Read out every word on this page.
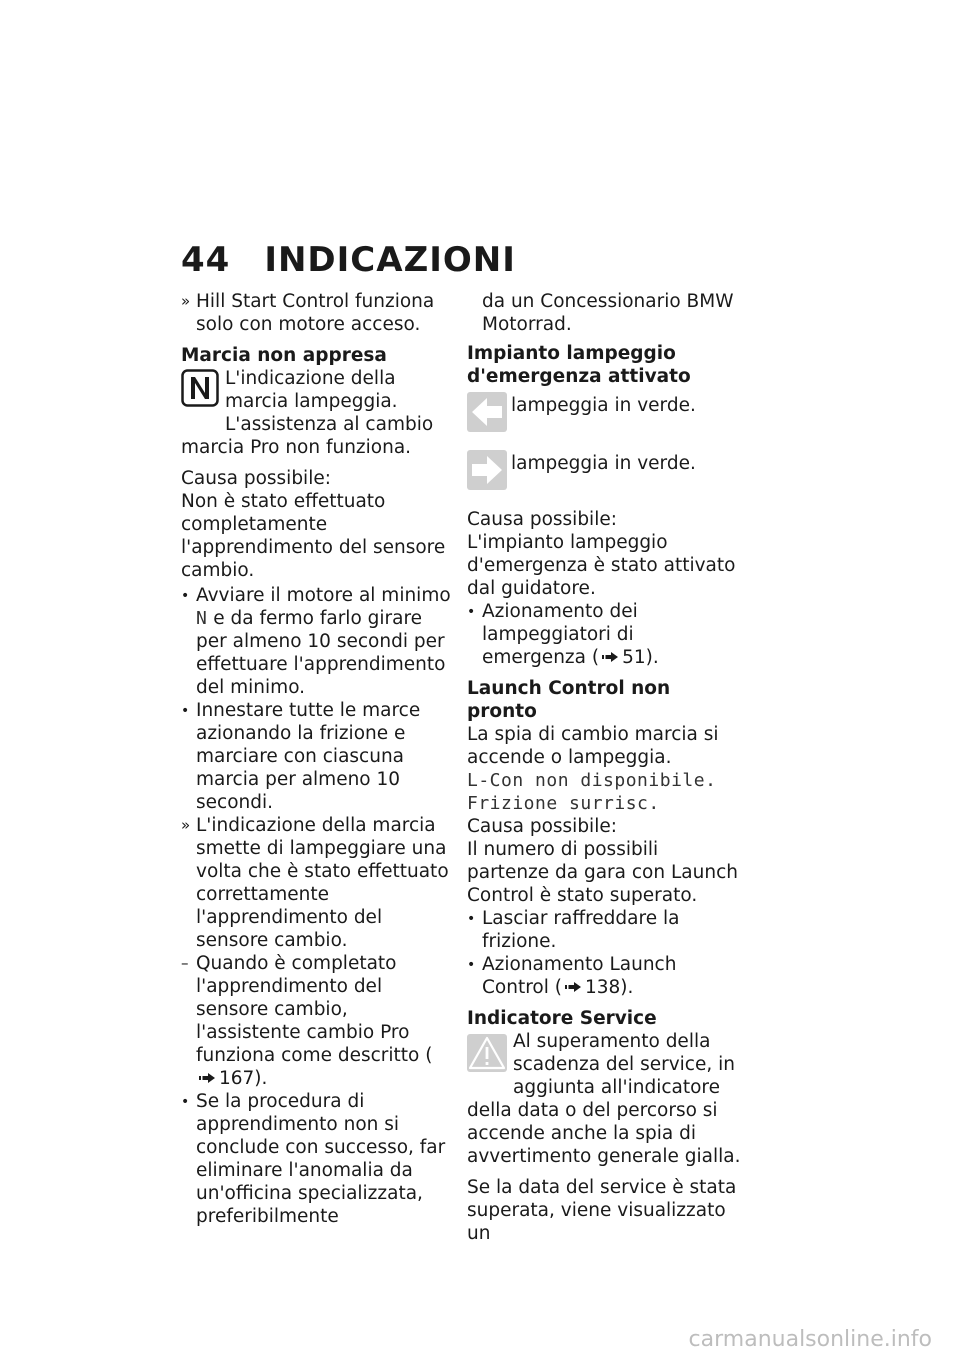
44 INDICAZIONI
» Hill Start Control funziona solo con motore acceso.
Marcia non appresa
L'indicazione della marcia lampeggia. L'assistenza al cambio marcia Pro non funziona.
Causa possibile:
Non è stato effettuato completamente l'apprendimento del sensore cambio.
• Avviare il motore al minimo N e da fermo farlo girare per almeno 10 secondi per effettuare l'apprendimento del minimo.
• Innestare tutte le marce azionando la frizione e marciare con ciascuna marcia per almeno 10 secondi.
» L'indicazione della marcia smette di lampeggiare una volta che è stato effettuato correttamente l'apprendimento del sensore cambio.
– Quando è completato l'apprendimento del sensore cambio, l'assistente cambio Pro funziona come descritto (167).
• Se la procedura di apprendimento non si conclude con successo, far eliminare l'anomalia da un'officina specializzata, preferibilmente
da un Concessionario BMW Motorrad.
Impianto lampeggio d'emergenza attivato
lampeggia in verde.
lampeggia in verde.
Causa possibile:
L'impianto lampeggio d'emergenza è stato attivato dal guidatore.
• Azionamento dei lampeggiatori di emergenza ( 51).
Launch Control non pronto
La spia di cambio marcia si accende o lampeggia.
L-Con non disponibile.
Frizione surrisc.
Causa possibile:
Il numero di possibili partenze da gara con Launch Control è stato superato.
• Lasciar raffreddare la frizione.
• Azionamento Launch Control ( 138).
Indicatore Service
Al superamento della scadenza del service, in aggiunta all'indicatore della data o del percorso si accende anche la spia di avvertimento generale gialla.
Se la data del service è stata superata, viene visualizzato un
carmanualsonline.info
